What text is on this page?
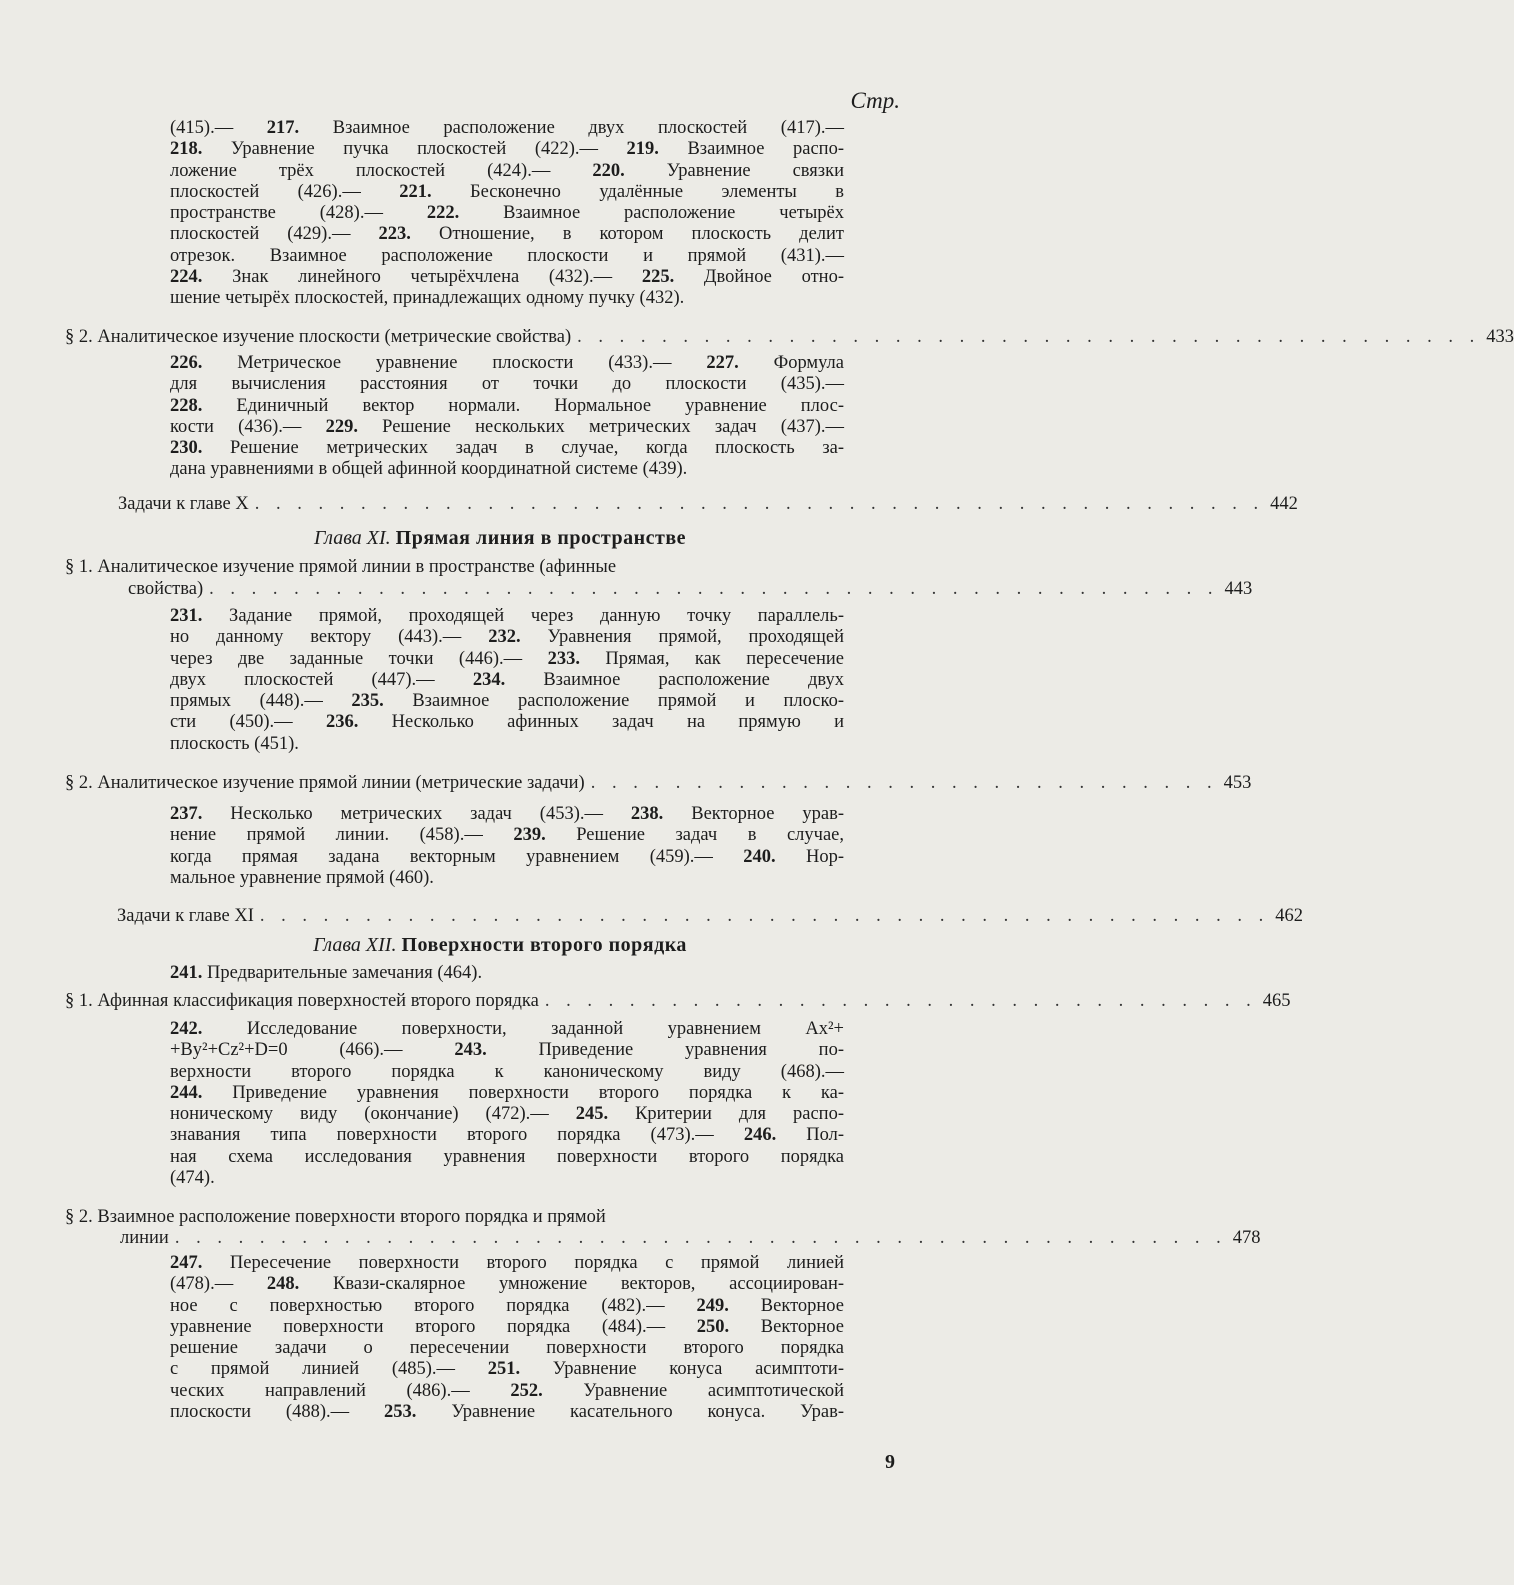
Стр.
(415).— 217. Взаимное расположение двух плоскостей (417).—
218. Уравнение пучка плоскостей (422).— 219. Взаимное распо-
ложение трёх плоскостей (424).— 220. Уравнение связки
плоскостей (426).— 221. Бесконечно удалённые элементы в
пространстве (428).— 222. Взаимное расположение четырёх
плоскостей (429).— 223. Отношение, в котором плоскость делит
отрезок. Взаимное расположение плоскости и прямой (431).—
224. Знак линейного четырёхчлена (432).— 225. Двойное отно-
шение четырёх плоскостей, принадлежащих одному пучку (432).
§ 2. Аналитическое изучение плоскости (метрические свойства) . . . . . . . . . . . . . . . . . . . . . . . . . . . . . . . . . . . . . . . . . . . 433
226. Метрическое уравнение плоскости (433).— 227. Формула
для вычисления расстояния от точки до плоскости (435).—
228. Единичный вектор нормали. Нормальное уравнение плос-
кости (436).— 229. Решение нескольких метрических задач (437).—
230. Решение метрических задач в случае, когда плоскость за-
дана уравнениями в общей афинной координатной системе (439).
Задачи к главе X . . . . . . . . . . . . . . . . . . . . . . . . . . . . . . . . . . . . . . . . . . . . . . . . 442
Глава XI. Прямая линия в пространстве
§ 1. Аналитическое изучение прямой линии в пространстве (афинные
свойства) . . . . . . . . . . . . . . . . . . . . . . . . . . . . . . . . . . . . . . . . . . . . . . . . 443
231. Задание прямой, проходящей через данную точку параллель-
но данному вектору (443).— 232. Уравнения прямой, проходящей
через две заданные точки (446).— 233. Прямая, как пересечение
двух плоскостей (447).— 234. Взаимное расположение двух
прямых (448).— 235. Взаимное расположение прямой и плоско-
сти (450).— 236. Несколько афинных задач на прямую и
плоскость (451).
§ 2. Аналитическое изучение прямой линии (метрические задачи) . . . . . . . . . . . . . . . . . . . . . . . . . . . . . . 453
237. Несколько метрических задач (453).— 238. Векторное урав-
нение прямой линии. (458).— 239. Решение задач в случае,
когда прямая задана векторным уравнением (459).— 240. Нор-
мальное уравнение прямой (460).
Задачи к главе XI . . . . . . . . . . . . . . . . . . . . . . . . . . . . . . . . . . . . . . . . . . . . . . . . 462
Глава XII. Поверхности второго порядка
241. Предварительные замечания (464).
§ 1. Афинная классификация поверхностей второго порядка . . . . . . . . . . . . . . . . . . . . . . . . . . . . . . . . . . 465
242. Исследование поверхности, заданной уравнением Ax²+
+By²+Cz²+D=0 (466).— 243. Приведение уравнения по-
верхности второго порядка к каноническому виду (468).—
244. Приведение уравнения поверхности второго порядка к ка-
ноническому виду (окончание) (472).— 245. Критерии для распо-
знавания типа поверхности второго порядка (473).— 246. Пол-
ная схема исследования уравнения поверхности второго порядка
(474).
§ 2. Взаимное расположение поверхности второго порядка и прямой
линии . . . . . . . . . . . . . . . . . . . . . . . . . . . . . . . . . . . . . . . . . . . . . . . . . . 478
247. Пересечение поверхности второго порядка с прямой линией
(478).— 248. Квази-скалярное умножение векторов, ассоциирован-
ное с поверхностью второго порядка (482).— 249. Векторное
уравнение поверхности второго порядка (484).— 250. Векторное
решение задачи о пересечении поверхности второго порядка
с прямой линией (485).— 251. Уравнение конуса асимптоти-
ческих направлений (486).— 252. Уравнение асимптотической
плоскости (488).— 253. Уравнение касательного конуса. Урав-
9
